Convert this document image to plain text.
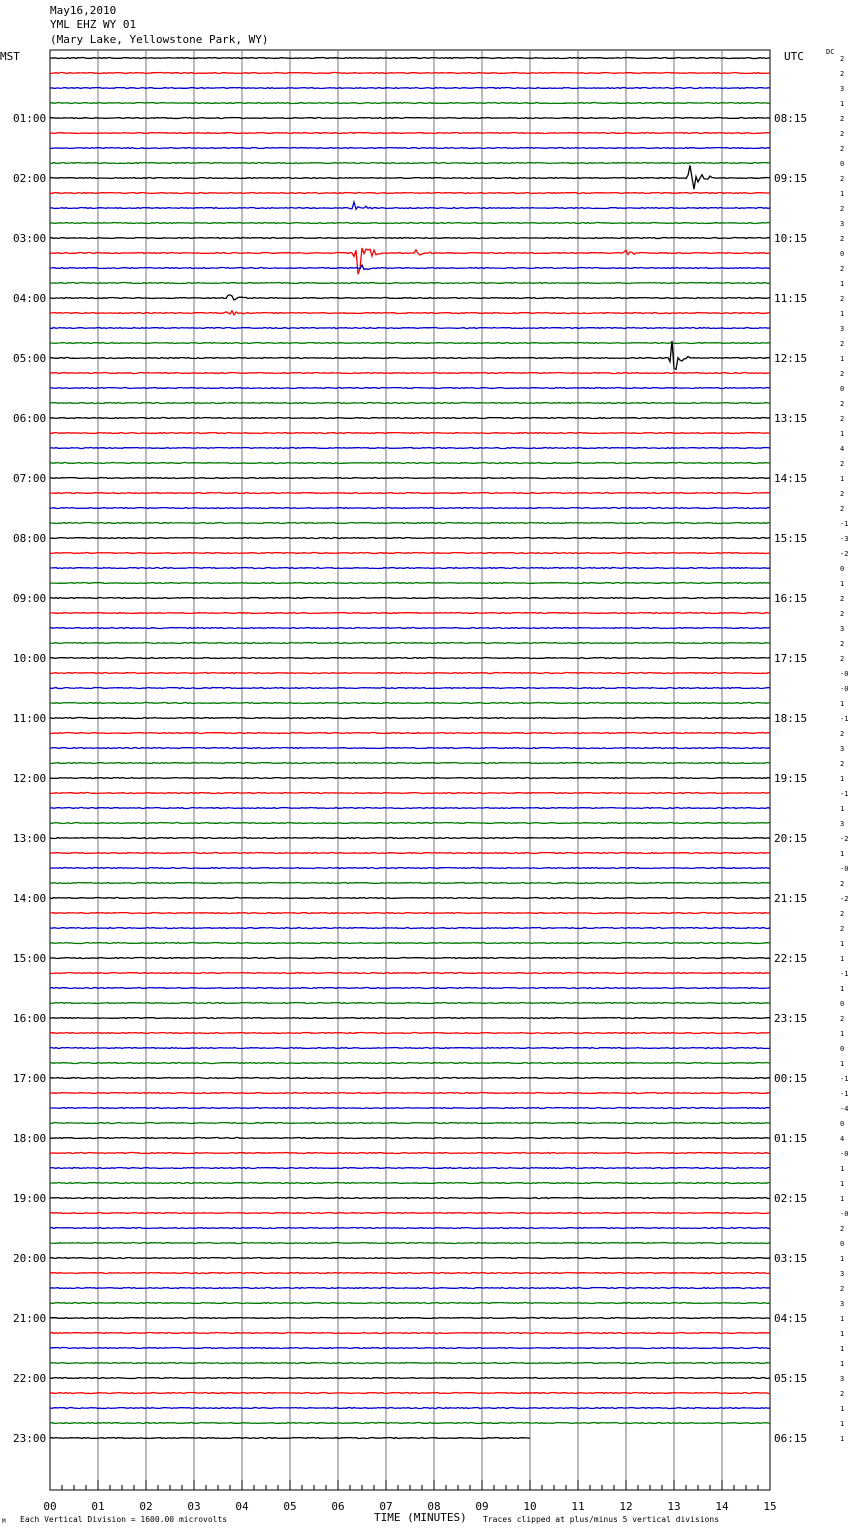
May16,2010
YML EHZ WY 01
(Mary Lake, Yellowstone Park, WY)
MST	UTC	DC
2
2
3
1
2
2
2
0
2
1
2
3
2
0
2
1
2
1
3
2
1
2
0
2
2
1
4
2
1
2
2
-1
-3
-2
0
1
2
2
3
2
2
-0
-0
1
-1
2
3
2
1
-1
1
3
-2
1
-0
2
-2
2
2
1
1
-1
1
0
2
1
0
1
-1
-1
-4
0
4
-0
1
1
1
-0
2
0
1
3
2
3
1
1
1
1
3
2
1
1
1
01:00
02:00
03:00
04:00
05:00
06:00
07:00
08:00
09:00
10:00
11:00
12:00
13:00
14:00
15:00
16:00
17:00
18:00
19:00
20:00
21:00
22:00
23:00
08:15
09:15
10:15
11:15
12:15
13:15
14:15
15:15
16:15
17:15
18:15
19:15
20:15
21:15
22:15
23:15
00:15
01:15
02:15
03:15
04:15
05:15
06:15
00	01	02	03	04	05	06	07	08	09	10	11	12	13	14	15
TIME (MINUTES)
M Each Vertical Division = 1600.00 microvolts	Traces clipped at plus/minus 5 vertical divisions
